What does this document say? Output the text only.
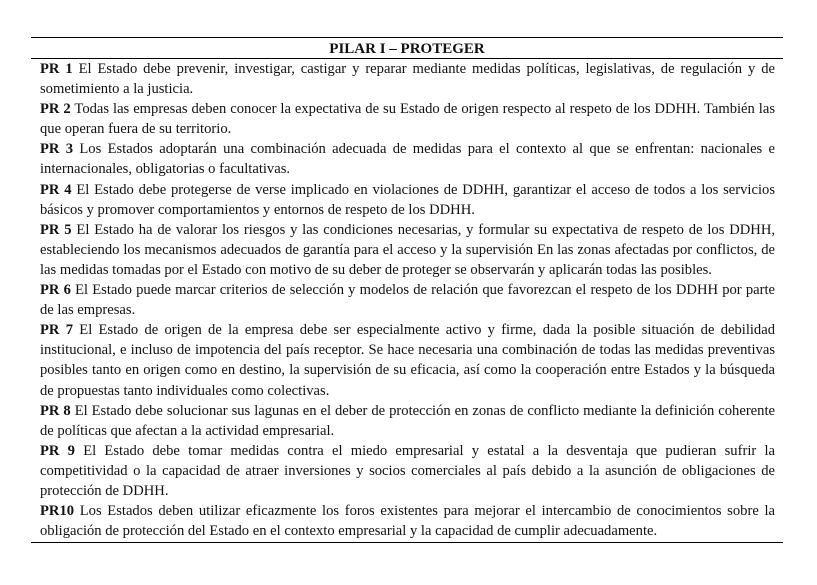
PILAR I – PROTEGER

PR 1 El Estado debe prevenir, investigar, castigar y reparar mediante medidas políticas, legislativas, de regulación y de sometimiento a la justicia.

PR 2 Todas las empresas deben conocer la expectativa de su Estado de origen respecto al respeto de los DDHH. También las que operan fuera de su territorio.

PR 3 Los Estados adoptarán una combinación adecuada de medidas para el contexto al que se enfrentan: nacionales e internacionales, obligatorias o facultativas.

PR 4 El Estado debe protegerse de verse implicado en violaciones de DDHH, garantizar el acceso de todos a los servicios básicos y promover comportamientos y entornos de respeto de los DDHH.

PR 5 El Estado ha de valorar los riesgos y las condiciones necesarias, y formular su expectativa de respeto de los DDHH, estableciendo los mecanismos adecuados de garantía para el acceso y la supervisión En las zonas afectadas por conflictos, de las medidas tomadas por el Estado con motivo de su deber de proteger se observarán y aplicarán todas las posibles.

PR 6 El Estado puede marcar criterios de selección y modelos de relación que favorezcan el respeto de los DDHH por parte de las empresas.

PR 7 El Estado de origen de la empresa debe ser especialmente activo y firme, dada la posible situación de debilidad institucional, e incluso de impotencia del país receptor. Se hace necesaria una combinación de todas las medidas preventivas posibles tanto en origen como en destino, la supervisión de su eficacia, así como la cooperación entre Estados y la búsqueda de propuestas tanto individuales como colectivas.

PR 8 El Estado debe solucionar sus lagunas en el deber de protección en zonas de conflicto mediante la definición coherente de políticas que afectan a la actividad empresarial.

PR 9 El Estado debe tomar medidas contra el miedo empresarial y estatal a la desventaja que pudieran sufrir la competitividad o la capacidad de atraer inversiones y socios comerciales al país debido a la asunción de obligaciones de protección de DDHH.

PR10 Los Estados deben utilizar eficazmente los foros existentes para mejorar el intercambio de conocimientos sobre la obligación de protección del Estado en el contexto empresarial y la capacidad de cumplir adecuadamente.
